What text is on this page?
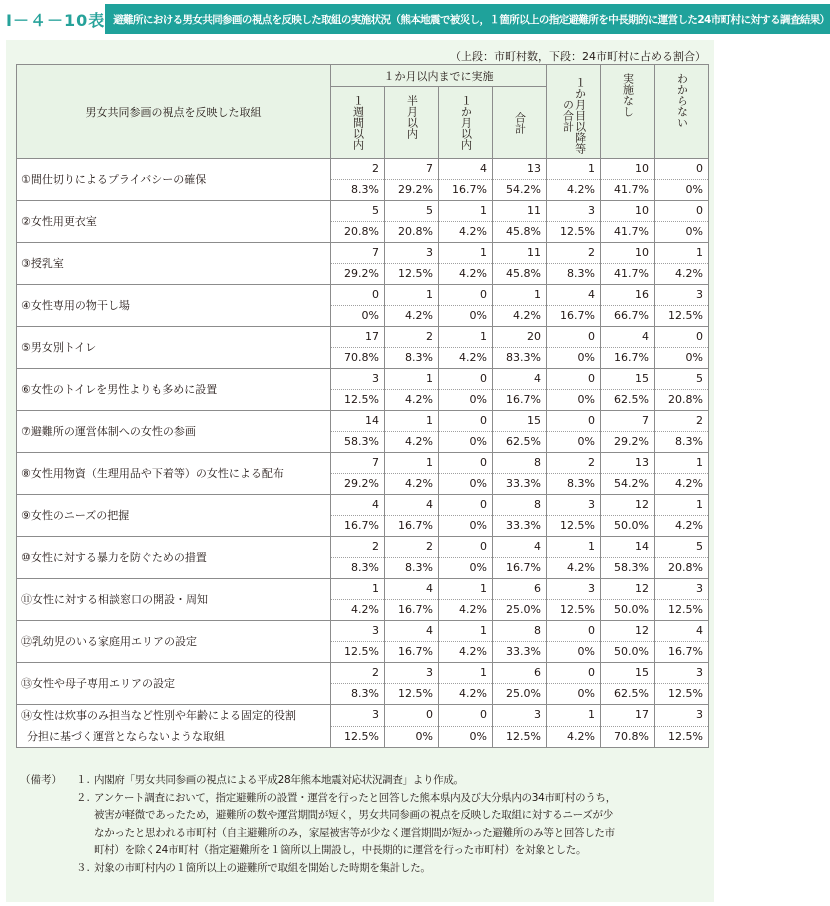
Ⅰ－４－10表 避難所における男女共同参画の視点を反映した取組の実施状況（熊本地震で被災し，１箇所以上の指定避難所を中長期的に運営した24市町村に対する調査結果）
（上段：市町村数，下段：24市町村に占める割合）
男女共同参画の視点を反映した取組	１か月以内までに実施				１か月目以降等の合計	実施なし	わからない

	１週間以内	半月以内	１か月以内	合計			

①間仕切りによるプライバシーの確保	2	7	4	13	1	10	0
	8.3%	29.2%	16.7%	54.2%	4.2%	41.7%	0%
②女性用更衣室	5	5	1	11	3	10	0
	20.8%	20.8%	4.2%	45.8%	12.5%	41.7%	0%
③授乳室	7	3	1	11	2	10	1
	29.2%	12.5%	4.2%	45.8%	8.3%	41.7%	4.2%
④女性専用の物干し場	0	1	0	1	4	16	3
	0%	4.2%	0%	4.2%	16.7%	66.7%	12.5%
⑤男女別トイレ	17	2	1	20	0	4	0
	70.8%	8.3%	4.2%	83.3%	0%	16.7%	0%
⑥女性のトイレを男性よりも多めに設置	3	1	0	4	0	15	5
	12.5%	4.2%	0%	16.7%	0%	62.5%	20.8%
⑦避難所の運営体制への女性の参画	14	1	0	15	0	7	2
	58.3%	4.2%	0%	62.5%	0%	29.2%	8.3%
⑧女性用物資（生理用品や下着等）の女性による配布	7	1	0	8	2	13	1
	29.2%	4.2%	0%	33.3%	8.3%	54.2%	4.2%
⑨女性のニーズの把握	4	4	0	8	3	12	1
	16.7%	16.7%	0%	33.3%	12.5%	50.0%	4.2%
⑩女性に対する暴力を防ぐための措置	2	2	0	4	1	14	5
	8.3%	8.3%	0%	16.7%	4.2%	58.3%	20.8%
⑪女性に対する相談窓口の開設・周知	1	4	1	6	3	12	3
	4.2%	16.7%	4.2%	25.0%	12.5%	50.0%	12.5%
⑫乳幼児のいる家庭用エリアの設定	3	4	1	8	0	12	4
	12.5%	16.7%	4.2%	33.3%	0%	50.0%	16.7%
⑬女性や母子専用エリアの設定	2	3	1	6	0	15	3
	8.3%	12.5%	4.2%	25.0%	0%	62.5%	12.5%

⑭女性は炊事のみ担当など性別や年齢による固定的役割
分担に基づく運営とならないような取組	3	0	0	3	1	17	3
	12.5%	0%	0%	12.5%	4.2%	70.8%	12.5%
（備考）	１. 内閣府「男女共同参画の視点による平成28年熊本地震対応状況調査」より作成。
２. アンケート調査において，指定避難所の設置・運営を行ったと回答した熊本県内及び大分県内の34市町村のうち，
被害が軽微であったため，避難所の数や運営期間が短く，男女共同参画の視点を反映した取組に対するニーズが少
なかったと思われる市町村（自主避難所のみ，家屋被害等が少なく運営期間が短かった避難所のみ等と回答した市
町村）を除く24市町村（指定避難所を１箇所以上開設し，中長期的に運営を行った市町村）を対象とした。
３. 対象の市町村内の１箇所以上の避難所で取組を開始した時期を集計した。
